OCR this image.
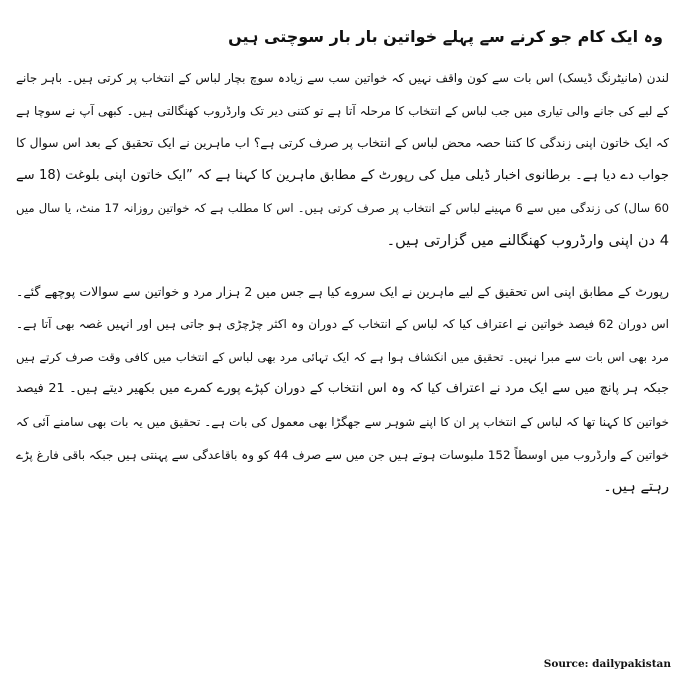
وہ ایک کام جو کرنے سے پہلے خواتین بار بار سوچتی ہیں
لندن (مانیٹرنگ ڈیسک) اس بات سے کون واقف نہیں کہ خواتین سب سے زیادہ سوچ بچار لباس کے انتخاب پر کرتی ہیں۔ باہر جانے
کے لیے کی جانے والی تیاری میں جب لباس کے انتخاب کا مرحلہ آتا ہے تو کتنی دیر تک وارڈروب کھنگالتی ہیں۔ کبھی آپ نے سوچا ہے
کہ ایک خاتون اپنی زندگی کا کتنا حصہ محض لباس کے انتخاب پر صرف کرتی ہے؟ اب ماہرین نے ایک تحقیق کے بعد اس سوال کا
جواب دے دیا ہے۔ برطانوی اخبار ڈیلی میل کی رپورٹ کے مطابق ماہرین کا کہنا ہے کہ ”ایک خاتون اپنی بلوغت (18 سے
60 سال) کی زندگی میں سے 6 مہینے لباس کے انتخاب پر صرف کرتی ہیں۔ اس کا مطلب ہے کہ خواتین روزانہ 17 منٹ، یا سال میں
4 دن اپنی وارڈروب کھنگالنے میں گزارتی ہیں۔
رپورٹ کے مطابق اپنی اس تحقیق کے لیے ماہرین نے ایک سروے کیا ہے جس میں 2 ہزار مرد و خواتین سے سوالات پوچھے گئے۔
اس دوران 62 فیصد خواتین نے اعتراف کیا کہ لباس کے انتخاب کے دوران وہ اکثر چڑچڑی ہو جاتی ہیں اور انہیں غصہ بھی آتا ہے۔
مرد بھی اس بات سے مبرا نہیں۔ تحقیق میں انکشاف ہوا ہے کہ ایک تہائی مرد بھی لباس کے انتخاب میں کافی وقت صرف کرتے ہیں
جبکہ ہر پانچ میں سے ایک مرد نے اعتراف کیا کہ وہ اس انتخاب کے دوران کپڑے پورے کمرے میں بکھیر دیتے ہیں۔ 21 فیصد
خواتین کا کہنا تھا کہ لباس کے انتخاب پر ان کا اپنے شوہر سے جھگڑا بھی معمول کی بات ہے۔ تحقیق میں یہ بات بھی سامنے آئی کہ
خواتین کے وارڈروب میں اوسطاً 152 ملبوسات ہوتے ہیں جن میں سے صرف 44 کو وہ باقاعدگی سے پہنتی ہیں جبکہ باقی فارغ پڑے
رہتے ہیں۔
Source: dailypakistan
